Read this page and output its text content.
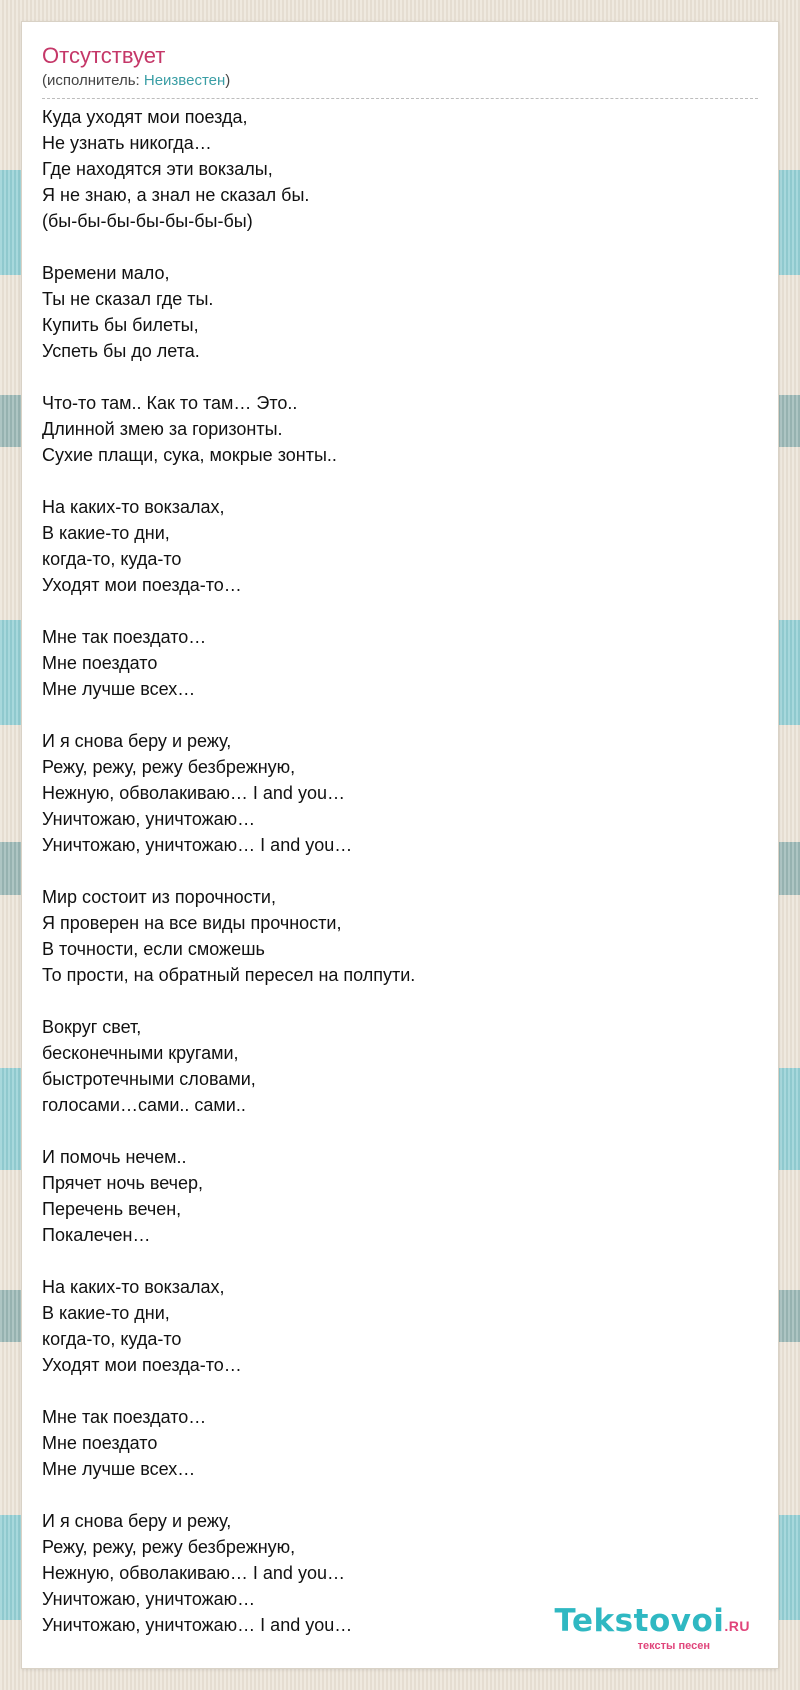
Отсутствует
(исполнитель: Неизвестен)
Куда уходят мои поезда,
Не узнать никогда…
Где находятся эти вокзалы,
Я не знаю, а знал не сказал бы.
(бы-бы-бы-бы-бы-бы-бы)
Времени мало,
Ты не сказал где ты.
Купить бы билеты,
Успеть бы до лета.
Что-то там.. Как то там… Это..
Длинной змею за горизонты.
Сухие плащи, сука, мокрые зонты..
На каких-то вокзалах,
В какие-то дни,
когда-то, куда-то
Уходят мои поезда-то…
Мне так поездато…
Мне поездато
Мне лучше всех…
И я снова беру и режу,
Режу, режу, режу безбрежную,
Нежную, обволакиваю… I and you…
Уничтожаю, уничтожаю…
Уничтожаю, уничтожаю… I and you…
Мир состоит из порочности,
Я проверен на все виды прочности,
В точности, если сможешь
То прости, на обратный пересел на полпути.
Вокруг свет,
бесконечными кругами,
быстротечными словами,
голосами…сами.. сами..
И помочь нечем..
Прячет ночь вечер,
Перечень вечен,
Покалечен…
На каких-то вокзалах,
В какие-то дни,
когда-то, куда-то
Уходят мои поезда-то…
Мне так поездато…
Мне поездато
Мне лучше всех…
И я снова беру и режу,
Режу, режу, режу безбрежную,
Нежную, обволакиваю… I and you…
Уничтожаю, уничтожаю…
Уничтожаю, уничтожаю… I and you…	Tekstovoi.RU
тексты песен
